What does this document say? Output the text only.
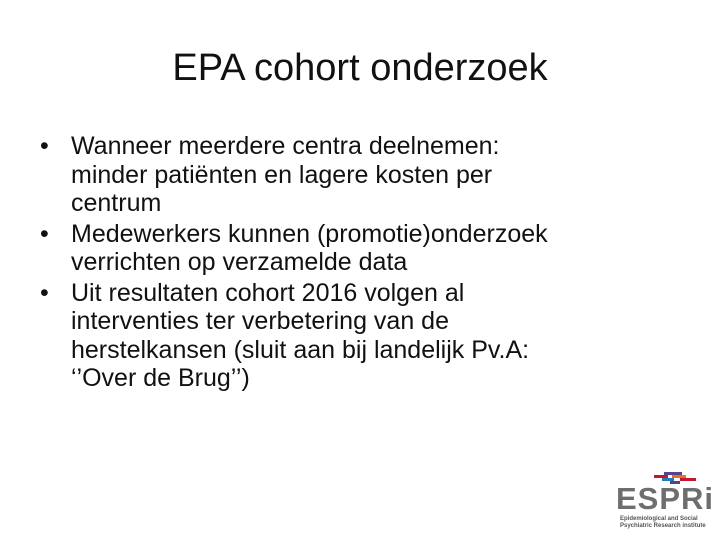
EPA cohort onderzoek
• Wanneer meerdere centra deelnemen:
minder patiënten en lagere kosten per
centrum
• Medewerkers kunnen (promotie)onderzoek
verrichten op verzamelde data
• Uit resultaten cohort 2016 volgen al
interventies ter verbetering van de
herstelkansen (sluit aan bij landelijk Pv.A:
‘’Over de Brug’’)
ESPRi
Epidemiological and Social
Psychiatric Research institute
